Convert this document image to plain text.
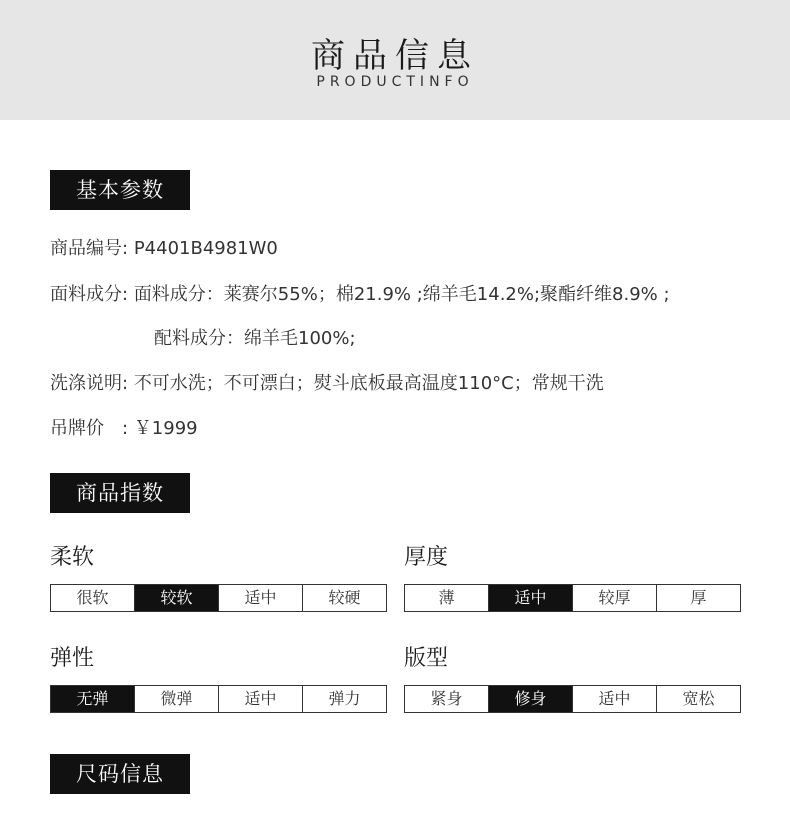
商品信息
PRODUCTINFO
基本参数
商品编号: P4401B4981W0
面料成分: 面料成分：莱赛尔55%；棉21.9% ;绵羊毛14.2%;聚酯纤维8.9% ;
配料成分：绵羊毛100%;
洗涤说明: 不可水洗；不可漂白；熨斗底板最高温度110°C；常规干洗
吊牌价　: ￥1999
商品指数
柔软
很软	较软	适中	较硬
厚度
薄	适中	较厚	厚
弹性
无弹	微弹	适中	弹力
版型
紧身	修身	适中	宽松
尺码信息
